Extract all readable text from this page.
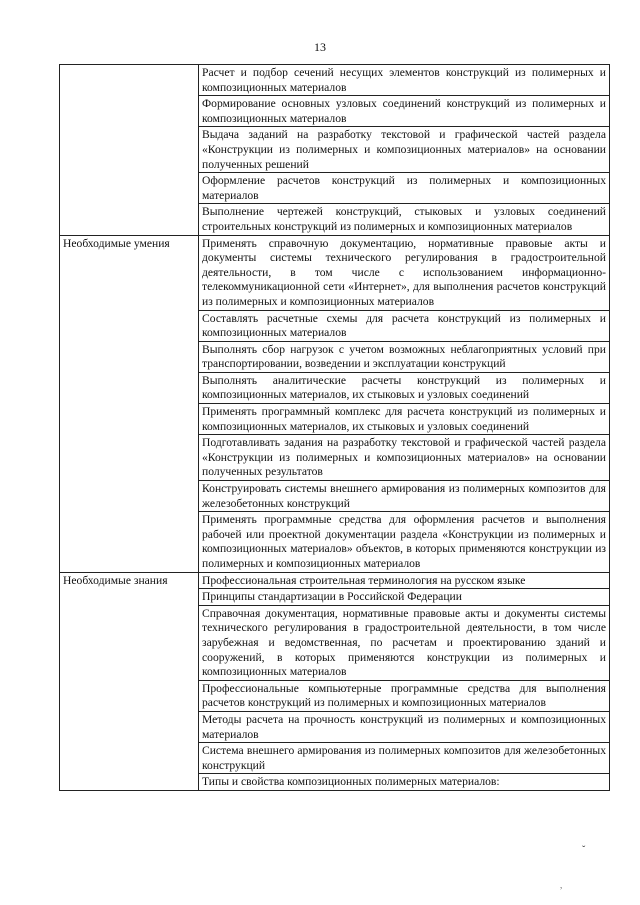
13
	Расчет и подбор сечений несущих элементов конструкций из полимерных и композиционных материалов
	Формирование основных узловых соединений конструкций из полимерных и композиционных материалов
	Выдача заданий на разработку текстовой и графической частей раздела «Конструкции из полимерных и композиционных материалов» на основании полученных решений
	Оформление расчетов конструкций из полимерных и композиционных материалов
	Выполнение чертежей конструкций, стыковых и узловых соединений строительных конструкций из полимерных и композиционных материалов
Необходимые умения	Применять справочную документацию, нормативные правовые акты и документы системы технического регулирования в градостроительной деятельности, в том числе с использованием информационно-телекоммуникационной сети «Интернет», для выполнения расчетов конструкций из полимерных и композиционных материалов
	Составлять расчетные схемы для расчета конструкций из полимерных и композиционных материалов
	Выполнять сбор нагрузок с учетом возможных неблагоприятных условий при транспортировании, возведении и эксплуатации конструкций
	Выполнять аналитические расчеты конструкций из полимерных и композиционных материалов, их стыковых и узловых соединений
	Применять программный комплекс для расчета конструкций из полимерных и композиционных материалов, их стыковых и узловых соединений
	Подготавливать задания на разработку текстовой и графической частей раздела «Конструкции из полимерных и композиционных материалов» на основании полученных результатов
	Конструировать системы внешнего армирования из полимерных композитов для железобетонных конструкций
	Применять программные средства для оформления расчетов и выполнения рабочей или проектной документации раздела «Конструкции из полимерных и композиционных материалов» объектов, в которых применяются конструкции из полимерных и композиционных материалов
Необходимые знания	Профессиональная строительная терминология на русском языке
	Принципы стандартизации в Российской Федерации
	Справочная документация, нормативные правовые акты и документы системы технического регулирования в градостроительной деятельности, в том числе зарубежная и ведомственная, по расчетам и проектированию зданий и сооружений, в которых применяются конструкции из полимерных и композиционных материалов
	Профессиональные компьютерные программные средства для выполнения расчетов конструкций из полимерных и композиционных материалов
	Методы расчета на прочность конструкций из полимерных и композиционных материалов
	Система внешнего армирования из полимерных композитов для железобетонных конструкций
	Типы и свойства композиционных полимерных материалов:
ˇ
,
